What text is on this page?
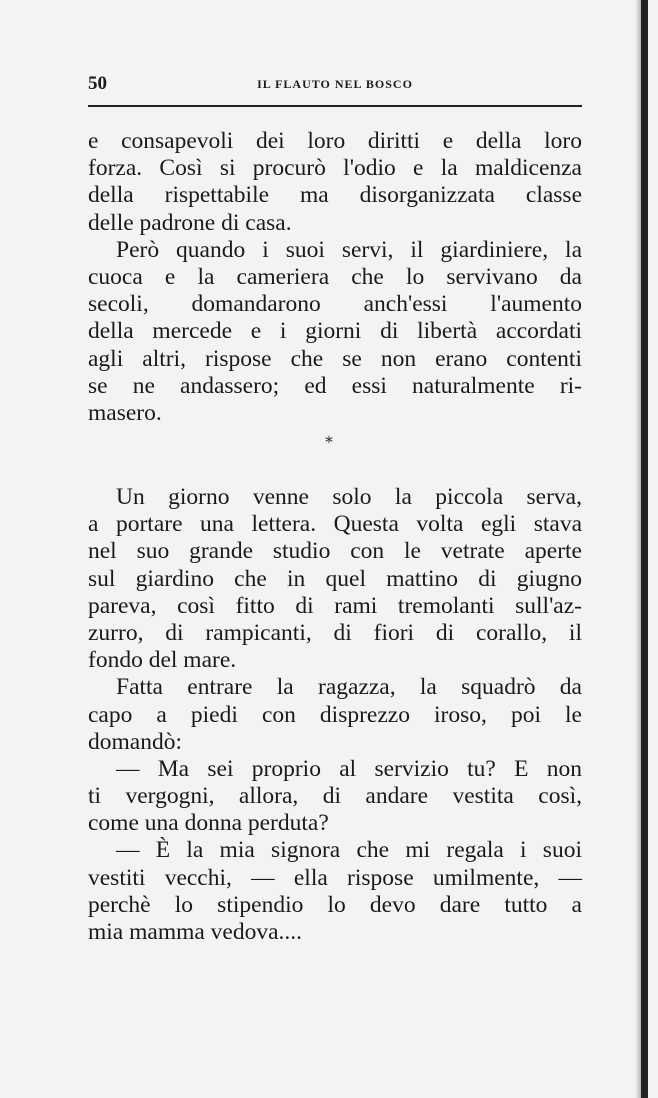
50	IL FLAUTO NEL BOSCO
e consapevoli dei loro diritti e della loro
forza. Così si procurò l'odio e la maldicenza
della rispettabile ma disorganizzata classe
delle padrone di casa.
Però quando i suoi servi, il giardiniere, la
cuoca e la cameriera che lo servivano da
secoli, domandarono anch'essi l'aumento
della mercede e i giorni di libertà accordati
agli altri, rispose che se non erano contenti
se ne andassero; ed essi naturalmente ri-
masero.
*
Un giorno venne solo la piccola serva,
a portare una lettera. Questa volta egli stava
nel suo grande studio con le vetrate aperte
sul giardino che in quel mattino di giugno
pareva, così fitto di rami tremolanti sull'az-
zurro, di rampicanti, di fiori di corallo, il
fondo del mare.
Fatta entrare la ragazza, la squadrò da
capo a piedi con disprezzo iroso, poi le
domandò:
— Ma sei proprio al servizio tu? E non
ti vergogni, allora, di andare vestita così,
come una donna perduta?
— È la mia signora che mi regala i suoi
vestiti vecchi, — ella rispose umilmente, —
perchè lo stipendio lo devo dare tutto a
mia mamma vedova....
